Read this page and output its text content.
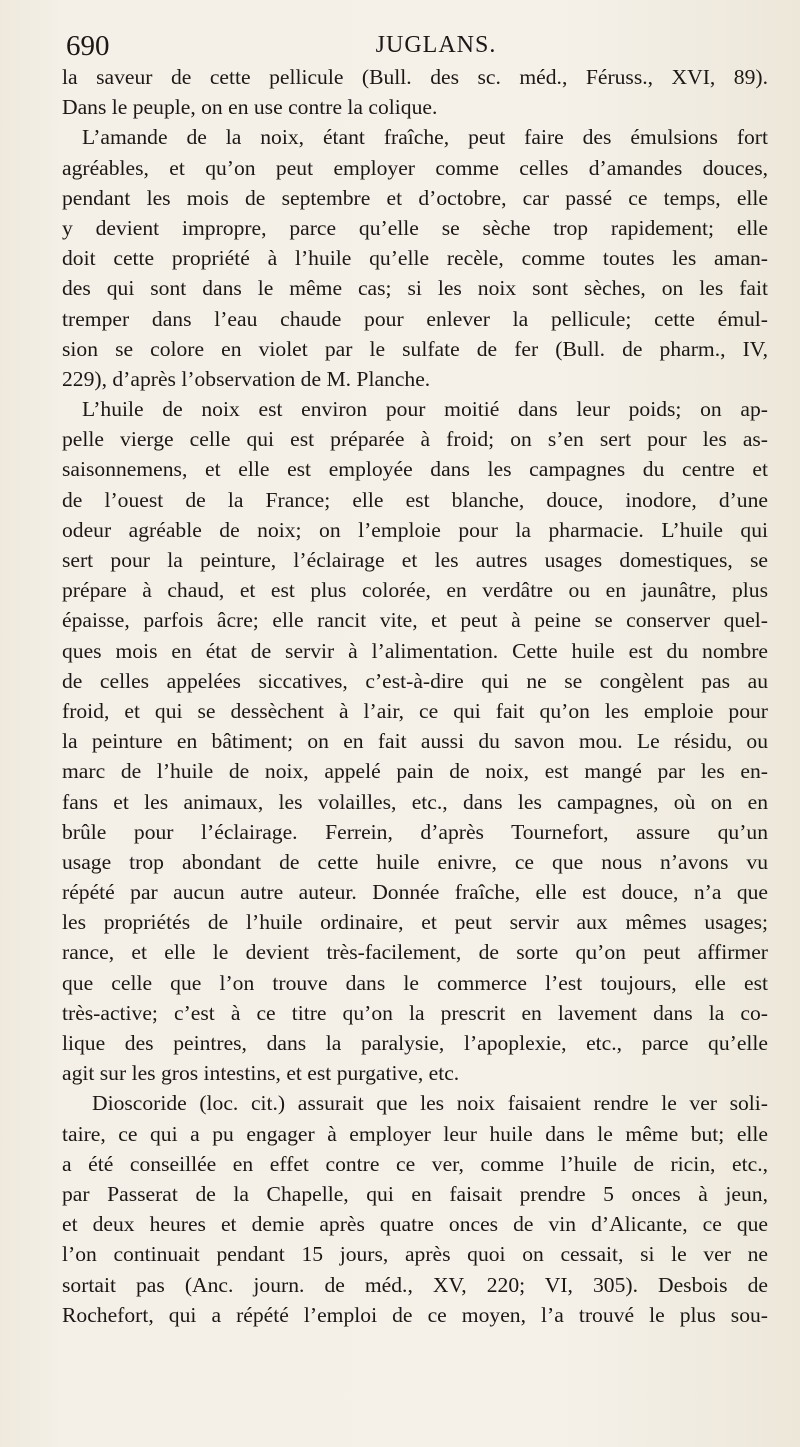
690	JUGLANS.
la saveur de cette pellicule (Bull. des sc. méd., Féruss., XVI, 89).
Dans le peuple, on en use contre la colique.
L’amande de la noix, étant fraîche, peut faire des émulsions fort
agréables, et qu’on peut employer comme celles d’amandes douces,
pendant les mois de septembre et d’octobre, car passé ce temps, elle
y devient impropre, parce qu’elle se sèche trop rapidement; elle
doit cette propriété à l’huile qu’elle recèle, comme toutes les aman-
des qui sont dans le même cas; si les noix sont sèches, on les fait
tremper dans l’eau chaude pour enlever la pellicule; cette émul-
sion se colore en violet par le sulfate de fer (Bull. de pharm., IV,
229), d’après l’observation de M. Planche.
L’huile de noix est environ pour moitié dans leur poids; on ap-
pelle vierge celle qui est préparée à froid; on s’en sert pour les as-
saisonnemens, et elle est employée dans les campagnes du centre et
de l’ouest de la France; elle est blanche, douce, inodore, d’une
odeur agréable de noix; on l’emploie pour la pharmacie. L’huile qui
sert pour la peinture, l’éclairage et les autres usages domestiques, se
prépare à chaud, et est plus colorée, en verdâtre ou en jaunâtre, plus
épaisse, parfois âcre; elle rancit vite, et peut à peine se conserver quel-
ques mois en état de servir à l’alimentation. Cette huile est du nombre
de celles appelées siccatives, c’est-à-dire qui ne se congèlent pas au
froid, et qui se dessèchent à l’air, ce qui fait qu’on les emploie pour
la peinture en bâtiment; on en fait aussi du savon mou. Le résidu, ou
marc de l’huile de noix, appelé pain de noix, est mangé par les en-
fans et les animaux, les volailles, etc., dans les campagnes, où on en
brûle pour l’éclairage. Ferrein, d’après Tournefort, assure qu’un
usage trop abondant de cette huile enivre, ce que nous n’avons vu
répété par aucun autre auteur. Donnée fraîche, elle est douce, n’a que
les propriétés de l’huile ordinaire, et peut servir aux mêmes usages;
rance, et elle le devient très-facilement, de sorte qu’on peut affirmer
que celle que l’on trouve dans le commerce l’est toujours, elle est
très-active; c’est à ce titre qu’on la prescrit en lavement dans la co-
lique des peintres, dans la paralysie, l’apoplexie, etc., parce qu’elle
agit sur les gros intestins, et est purgative, etc.
Dioscoride (loc. cit.) assurait que les noix faisaient rendre le ver soli-
taire, ce qui a pu engager à employer leur huile dans le même but; elle
a été conseillée en effet contre ce ver, comme l’huile de ricin, etc.,
par Passerat de la Chapelle, qui en faisait prendre 5 onces à jeun,
et deux heures et demie après quatre onces de vin d’Alicante, ce que
l’on continuait pendant 15 jours, après quoi on cessait, si le ver ne
sortait pas (Anc. journ. de méd., XV, 220; VI, 305). Desbois de
Rochefort, qui a répété l’emploi de ce moyen, l’a trouvé le plus sou-
